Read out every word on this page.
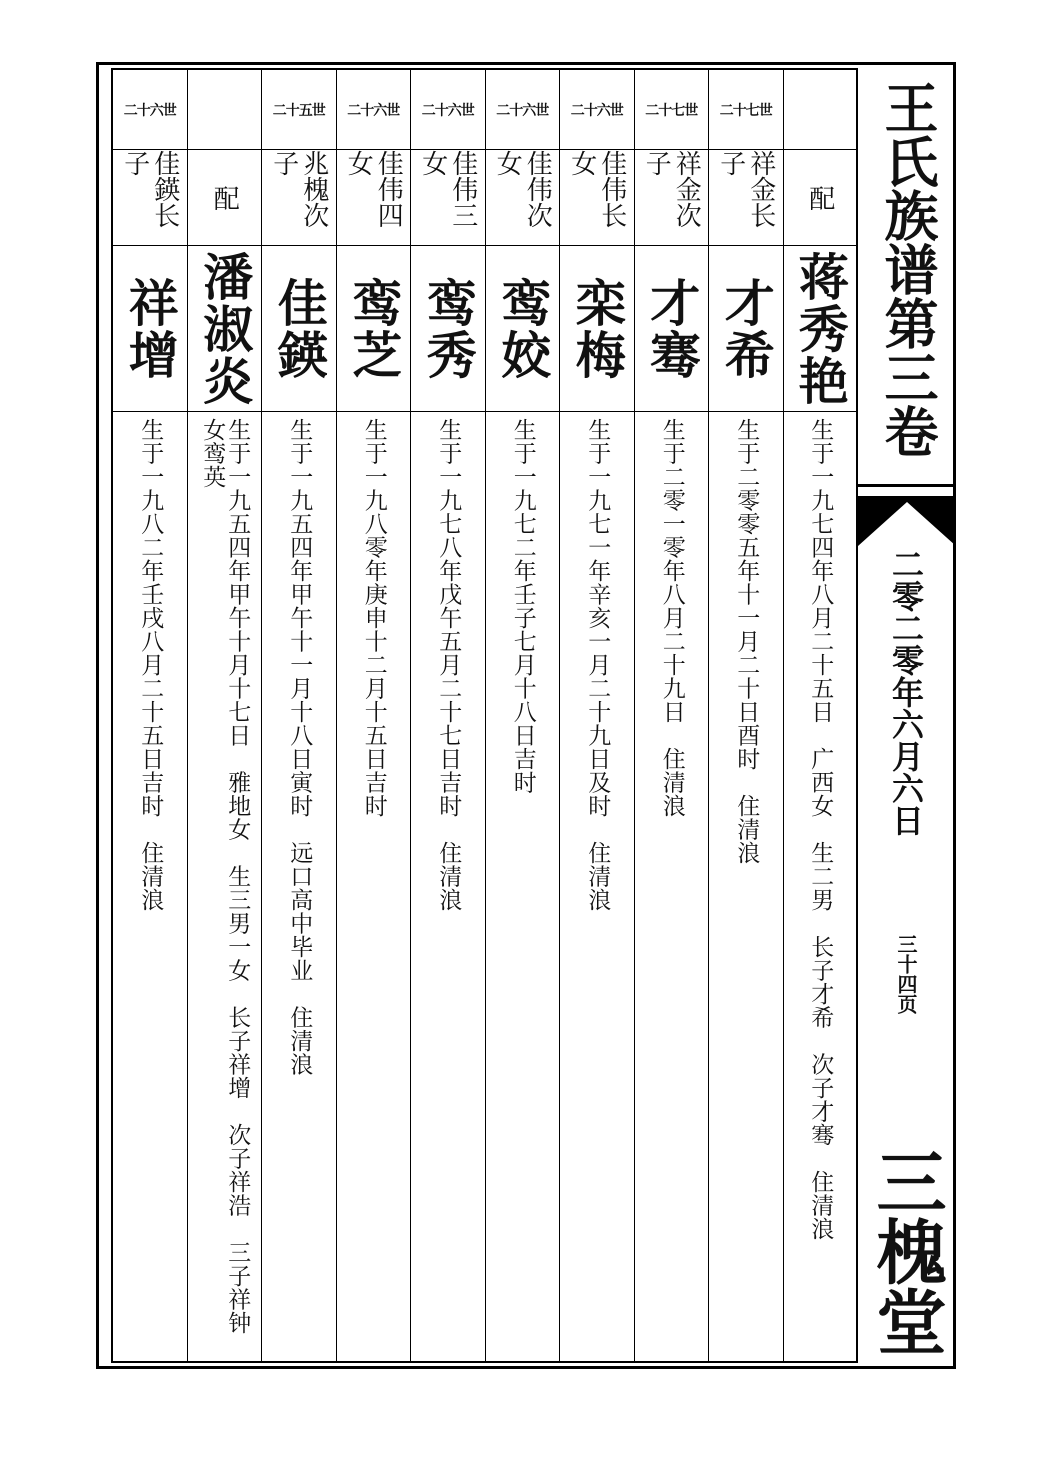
配
蒋秀艳
生于一九七四年八月二十五日　广西女　生二男　长子才希　次子才骞　住清浪
二十七世
祥金长子
才希
生于二零零五年十一月二十日酉时　住清浪
二十七世
祥金次子
才骞
生于二零一零年八月二十九日　住清浪
二十六世
佳伟长女
栾梅
生于一九七一年辛亥一月二十九日及时　住清浪
二十六世
佳伟次女
鸾姣
生于一九七二年壬子七月十八日吉时
二十六世
佳伟三女
鸾秀
生于一九七八年戊午五月二十七日吉时　住清浪
二十六世
佳伟四女
鸾芝
生于一九八零年庚申十二月十五日吉时
二十五世
兆槐次子
佳鍈
生于一九五四年甲午十一月十八日寅时　远口高中毕业　住清浪
配
潘淑炎
生于一九五四年甲午十月十七日　雅地女　生三男一女　长子祥增　次子祥浩　三子祥钟　女鸾英
二十六世
佳鍈长子
祥增
生于一九八二年壬戌八月二十五日吉时　住清浪
王氏族谱第三卷
二零二零年六月六日
三十四页
三槐堂
